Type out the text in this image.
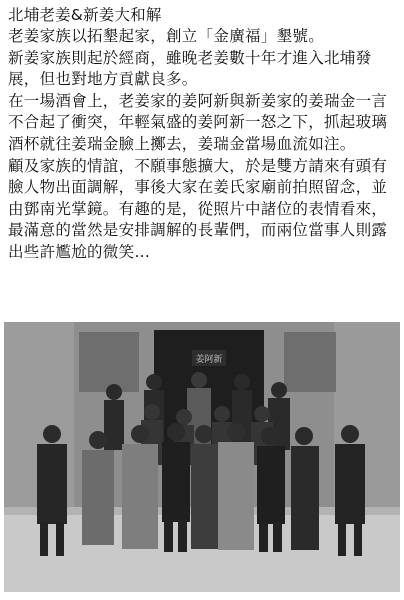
北埔老姜&新姜大和解

老姜家族以拓墾起家，創立「金廣福」墾號。

新姜家族則起於經商，雖晚老姜數十年才進入北埔發展，但也對地方貢獻良多。

在一場酒會上，老姜家的姜阿新與新姜家的姜瑞金一言不合起了衝突，年輕氣盛的姜阿新一怒之下，抓起玻璃酒杯就往姜瑞金臉上擲去，姜瑞金當場血流如注。

顧及家族的情誼，不願事態擴大，於是雙方請來有頭有臉人物出面調解，事後大家在姜氏家廟前拍照留念，並由鄧南光掌鏡。有趣的是，從照片中諸位的表情看來，最滿意的當然是安排調解的長輩們，而兩位當事人則露出些許尷尬的微笑…

姜阿新
